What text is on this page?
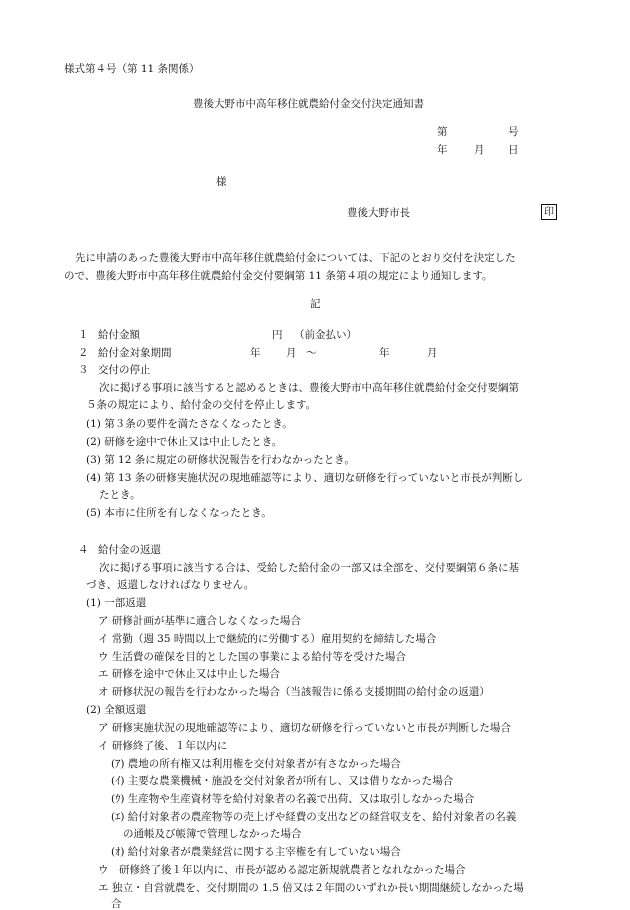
様式第４号（第 11 条関係）
豊後大野市中高年移住就農給付金交付決定通知書
第	号
年	月 日
様
豊後大野市長	印
先に申請のあった豊後大野市中高年移住就農給付金については、下記のとおり交付を決定した
ので、豊後大野市中高年移住就農給付金交付要綱第 11 条第４項の規定により通知します。
記
１ 給付金額	円 （前金払い）
２ 給付金対象期間	年 月 ～	年	月
３ 交付の停止
次に掲げる事項に該当すると認めるときは、豊後大野市中高年移住就農給付金交付要綱第
５条の規定により、給付金の交付を停止します。
(1) 第３条の要件を満たさなくなったとき。
(2) 研修を途中で休止又は中止したとき。
(3) 第 12 条に規定の研修状況報告を行わなかったとき。
(4) 第 13 条の研修実施状況の現地確認等により、適切な研修を行っていないと市長が判断し
たとき。
(5) 本市に住所を有しなくなったとき。
４ 給付金の返還
次に掲げる事項に該当する合は、受給した給付金の一部又は全部を、交付要綱第６条に基
づき、返還しなければなりません。
(1) 一部返還
ア 研修計画が基準に適合しなくなった場合
イ 常勤（週 35 時間以上で継続的に労働する）雇用契約を締結した場合
ウ 生活費の確保を目的とした国の事業による給付等を受けた場合
エ 研修を途中で休止又は中止した場合
オ 研修状況の報告を行わなかった場合（当該報告に係る支援期間の給付金の返還）
(2) 全額返還
ア 研修実施状況の現地確認等により、適切な研修を行っていないと市長が判断した場合
イ 研修終了後、１年以内に
(ｱ) 農地の所有権又は利用権を交付対象者が有さなかった場合
(ｲ) 主要な農業機械・施設を交付対象者が所有し、又は借りなかった場合
(ｳ) 生産物や生産資材等を給付対象者の名義で出荷、又は取引しなかった場合
(ｴ) 給付対象者の農産物等の売上げや経費の支出などの経営収支を、給付対象者の名義
の通帳及び帳簿で管理しなかった場合
(ｵ) 給付対象者が農業経営に関する主宰権を有していない場合
ウ　研修終了後１年以内に、市長が認める認定新規就農者となれなかった場合
エ 独立・自営就農を、交付期間の 1.5 倍又は２年間のいずれか長い期間継続しなかった場
合
